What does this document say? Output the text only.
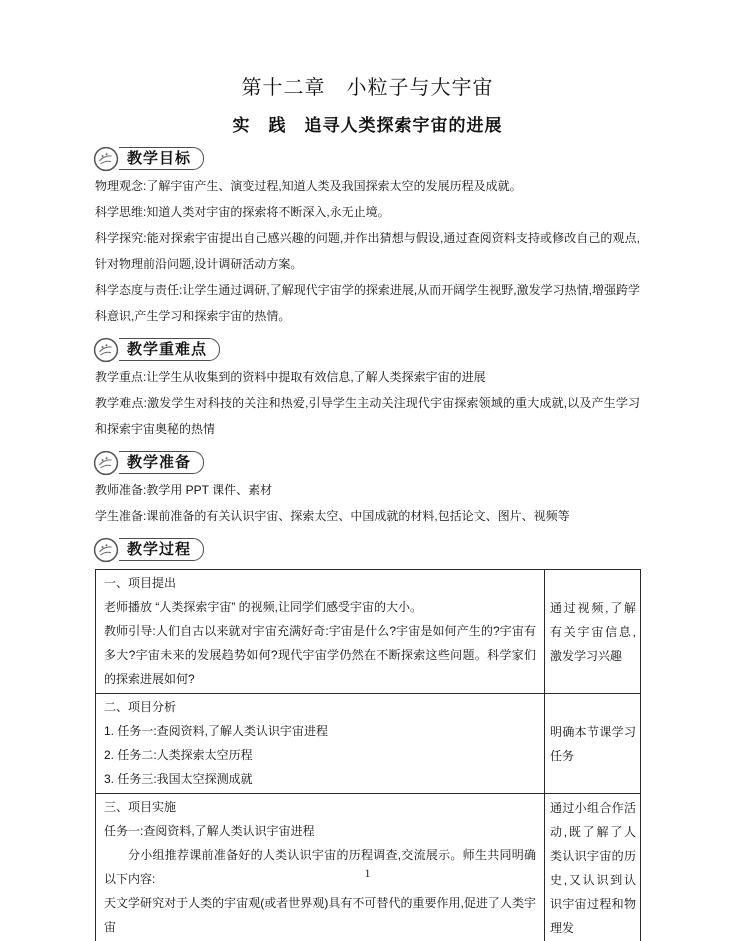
第十二章　小粒子与大宇宙
实　践　追寻人类探索宇宙的进展
教学目标
物理观念:了解宇宙产生、演变过程,知道人类及我国探索太空的发展历程及成就。
科学思维:知道人类对宇宙的探索将不断深入,永无止境。
科学探究:能对探索宇宙提出自己感兴趣的问题,并作出猜想与假设,通过查阅资料支持或修改自己的观点,针对物理前沿问题,设计调研活动方案。
科学态度与责任:让学生通过调研,了解现代宇宙学的探索进展,从而开阔学生视野,激发学习热情,增强跨学科意识,产生学习和探索宇宙的热情。
教学重难点
教学重点:让学生从收集到的资料中提取有效信息,了解人类探索宇宙的进展
教学难点:激发学生对科技的关注和热爱,引导学生主动关注现代宇宙探索领域的重大成就,以及产生学习和探索宇宙奥秘的热情
教学准备
教师准备:教学用 PPT 课件、素材
学生准备:课前准备的有关认识宇宙、探索太空、中国成就的材料,包括论文、图片、视频等
教学过程
一、项目提出
老师播放 “人类探索宇宙” 的视频,让同学们感受宇宙的大小。
教师引导:人们自古以来就对宇宙充满好奇:宇宙是什么?宇宙是如何产生的?宇宙有多大?宇宙未来的发展趋势如何?现代宇宙学仍然在不断探索这些问题。科学家们的探索进展如何?	通过视频,了解有关宇宙信息,激发学习兴趣

二、项目分析
1. 任务一:查阅资料,了解人类认识宇宙进程
2. 任务二:人类探索太空历程
3. 任务三:我国太空探测成就	明确本节课学习任务

三、项目实施
任务一:查阅资料,了解人类认识宇宙进程
分小组推荐课前准备好的人类认识宇宙的历程调查,交流展示。师生共同明确以下内容:
天文学研究对于人类的宇宙观(或者世界观)具有不可替代的重要作用,促进了人类宇宙	通过小组合作活动,既了解了人类认识宇宙的历史,又认识到认识宇宙过程和物理发
1
